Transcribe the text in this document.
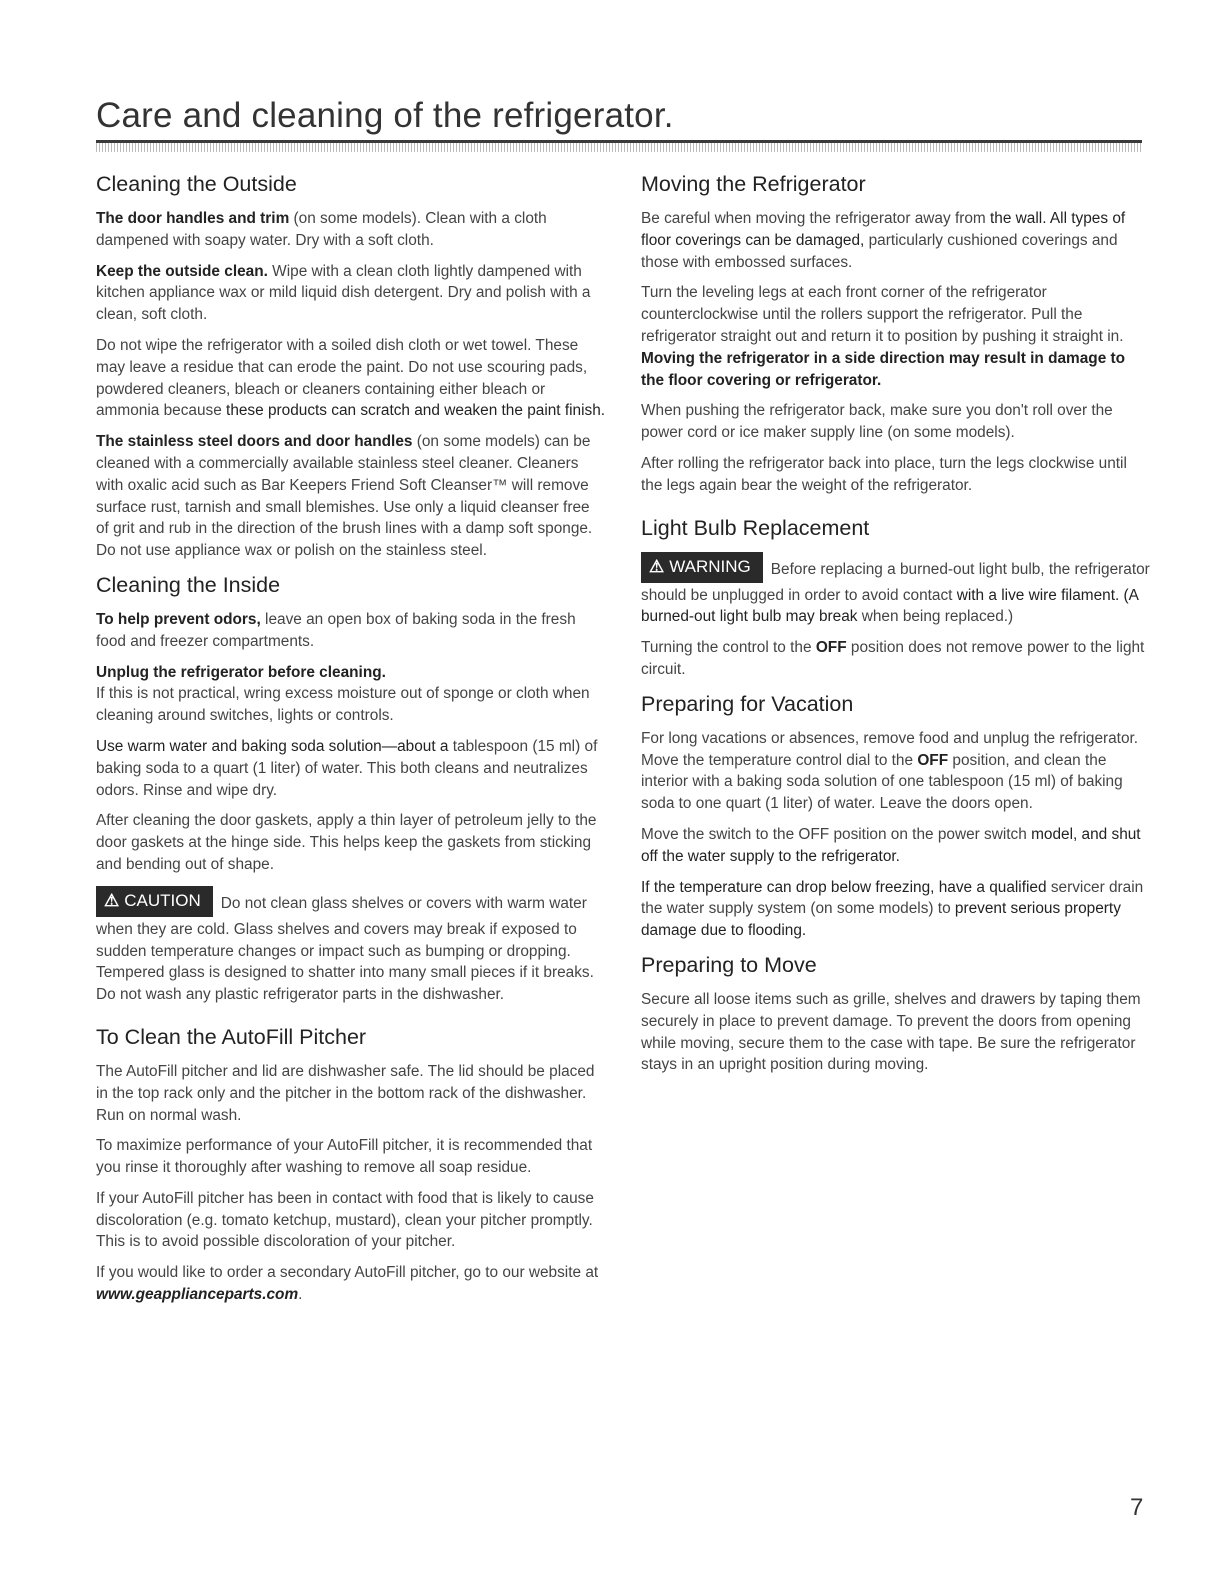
Care and cleaning of the refrigerator.
Cleaning the Outside

The door handles and trim (on some models). Clean with a cloth dampened with soapy water. Dry with a soft cloth.

Keep the outside clean. Wipe with a clean cloth lightly dampened with kitchen appliance wax or mild liquid dish detergent. Dry and polish with a clean, soft cloth.

Do not wipe the refrigerator with a soiled dish cloth or wet towel. These may leave a residue that can erode the paint. Do not use scouring pads, powdered cleaners, bleach or cleaners containing either bleach or ammonia because these products can scratch and weaken the paint finish.

The stainless steel doors and door handles (on some models) can be cleaned with a commercially available stainless steel cleaner. Cleaners with oxalic acid such as Bar Keepers Friend Soft Cleanser™ will remove surface rust, tarnish and small blemishes. Use only a liquid cleanser free of grit and rub in the direction of the brush lines with a damp soft sponge. Do not use appliance wax or polish on the stainless steel.

Cleaning the Inside

To help prevent odors, leave an open box of baking soda in the fresh food and freezer compartments.

Unplug the refrigerator before cleaning.
If this is not practical, wring excess moisture out of sponge or cloth when cleaning around switches, lights or controls.

Use warm water and baking soda solution—about a tablespoon (15 ml) of baking soda to a quart (1 liter) of water. This both cleans and neutralizes odors. Rinse and wipe dry.

After cleaning the door gaskets, apply a thin layer of petroleum jelly to the door gaskets at the hinge side. This helps keep the gaskets from sticking and bending out of shape.

⚠ CAUTION Do not clean glass shelves or covers with warm water when they are cold. Glass shelves and covers may break if exposed to sudden temperature changes or impact such as bumping or dropping. Tempered glass is designed to shatter into many small pieces if it breaks.

Do not wash any plastic refrigerator parts in the dishwasher.

To Clean the AutoFill Pitcher

The AutoFill pitcher and lid are dishwasher safe. The lid should be placed in the top rack only and the pitcher in the bottom rack of the dishwasher. Run on normal wash.

To maximize performance of your AutoFill pitcher, it is recommended that you rinse it thoroughly after washing to remove all soap residue.

If your AutoFill pitcher has been in contact with food that is likely to cause discoloration (e.g. tomato ketchup, mustard), clean your pitcher promptly. This is to avoid possible discoloration of your pitcher.

If you would like to order a secondary AutoFill pitcher, go to our website at www.geapplianceparts.com.

Moving the Refrigerator

Be careful when moving the refrigerator away from the wall. All types of floor coverings can be damaged, particularly cushioned coverings and those with embossed surfaces.

Turn the leveling legs at each front corner of the refrigerator counterclockwise until the rollers support the refrigerator. Pull the refrigerator straight out and return it to position by pushing it straight in. Moving the refrigerator in a side direction may result in damage to the floor covering or refrigerator.

When pushing the refrigerator back, make sure you don't roll over the power cord or ice maker supply line (on some models).

After rolling the refrigerator back into place, turn the legs clockwise until the legs again bear the weight of the refrigerator.

Light Bulb Replacement

⚠ WARNING Before replacing a burned-out light bulb, the refrigerator should be unplugged in order to avoid contact with a live wire filament. (A burned-out light bulb may break when being replaced.)

Turning the control to the OFF position does not remove power to the light circuit.

Preparing for Vacation

For long vacations or absences, remove food and unplug the refrigerator. Move the temperature control dial to the OFF position, and clean the interior with a baking soda solution of one tablespoon (15 ml) of baking soda to one quart (1 liter) of water. Leave the doors open.

Move the switch to the OFF position on the power switch model, and shut off the water supply to the refrigerator.

If the temperature can drop below freezing, have a qualified servicer drain the water supply system (on some models) to prevent serious property damage due to flooding.

Preparing to Move

Secure all loose items such as grille, shelves and drawers by taping them securely in place to prevent damage. To prevent the doors from opening while moving, secure them to the case with tape. Be sure the refrigerator stays in an upright position during moving.

7
